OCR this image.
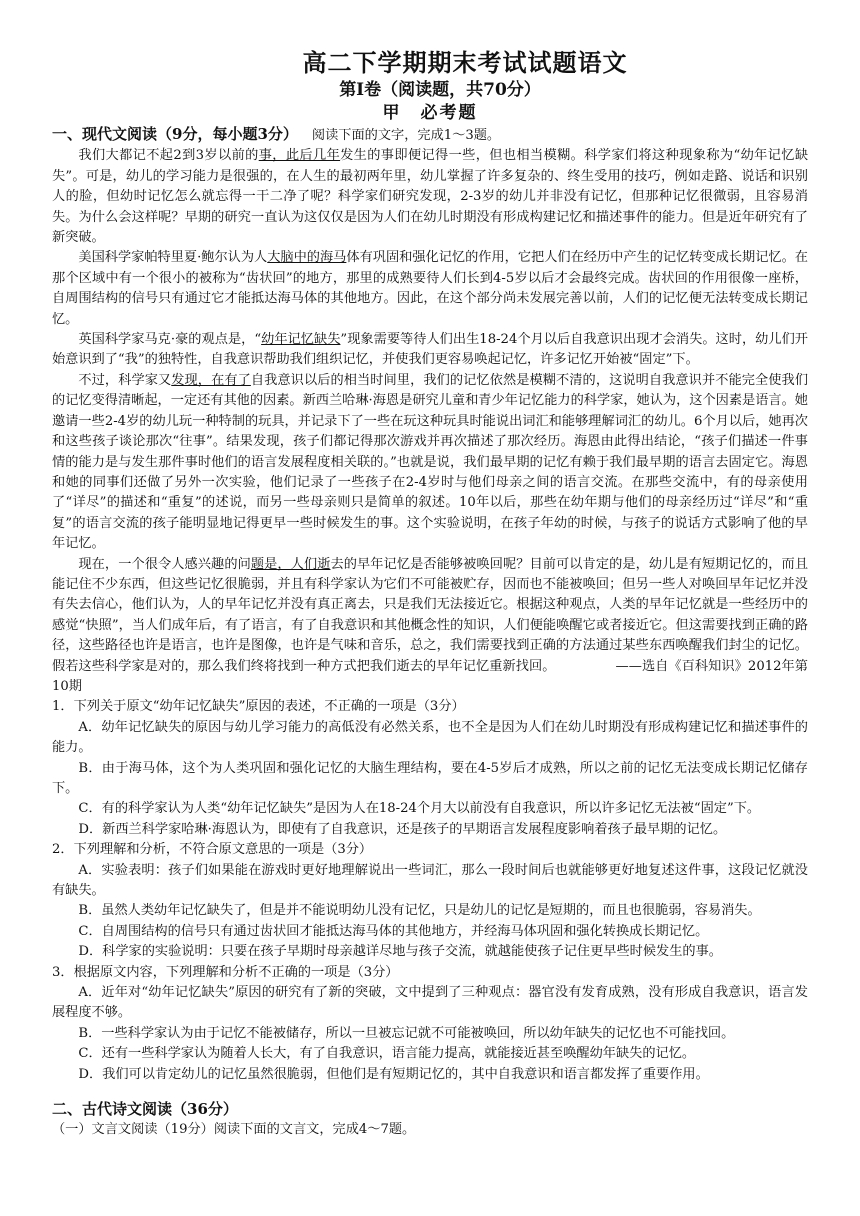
高二下学期期末考试试题语文
第Ⅰ卷（阅读题，共70分）
甲　必考题
一、现代文阅读（9分，每小题3分） 阅读下面的文字，完成1～3题。

我们大都记不起2到3岁以前的事，此后几年发生的事即便记得一些，但也相当模糊。科学家们将这种现象称为“幼年记忆缺失”。可是，幼儿的学习能力是很强的，在人生的最初两年里，幼儿掌握了许多复杂的、终生受用的技巧，例如走路、说话和识别人的脸，但幼时记忆怎么就忘得一干二净了呢？科学家们研究发现，2-3岁的幼儿并非没有记忆，但那种记忆很微弱，且容易消失。为什么会这样呢？早期的研究一直认为这仅仅是因为人们在幼儿时期没有形成构建记忆和描述事件的能力。但是近年研究有了新突破。

美国科学家帕特里夏·鲍尔认为人大脑中的海马体有巩固和强化记忆的作用，它把人们在经历中产生的记忆转变成长期记忆。在那个区域中有一个很小的被称为“齿状回”的地方，那里的成熟要待人们长到4-5岁以后才会最终完成。齿状回的作用很像一座桥，自周围结构的信号只有通过它才能抵达海马体的其他地方。因此，在这个部分尚未发展完善以前，人们的记忆便无法转变成长期记忆。

英国科学家马克·豪的观点是，“幼年记忆缺失”现象需要等待人们出生18-24个月以后自我意识出现才会消失。这时，幼儿们开始意识到了“我”的独特性，自我意识帮助我们组织记忆，并使我们更容易唤起记忆，许多记忆开始被“固定”下。

不过，科学家又发现，在有了自我意识以后的相当时间里，我们的记忆依然是模糊不清的，这说明自我意识并不能完全使我们的记忆变得清晰起，一定还有其他的因素。新西兰哈琳·海恩是研究儿童和青少年记忆能力的科学家，她认为，这个因素是语言。她邀请一些2-4岁的幼儿玩一种特制的玩具，并记录下了一些在玩这种玩具时能说出词汇和能够理解词汇的幼儿。6个月以后，她再次和这些孩子谈论那次“往事”。结果发现，孩子们都记得那次游戏并再次描述了那次经历。海恩由此得出结论，“孩子们描述一件事情的能力是与发生那件事时他们的语言发展程度相关联的。”也就是说，我们最早期的记忆有赖于我们最早期的语言去固定它。海恩和她的同事们还做了另外一次实验，他们记录了一些孩子在2-4岁时与他们母亲之间的语言交流。在那些交流中，有的母亲使用了“详尽”的描述和“重复”的述说，而另一些母亲则只是简单的叙述。10年以后，那些在幼年期与他们的母亲经历过“详尽”和“重复”的语言交流的孩子能明显地记得更早一些时候发生的事。这个实验说明，在孩子年幼的时候，与孩子的说话方式影响了他的早年记忆。

现在，一个很令人感兴趣的问题是，人们逝去的早年记忆是否能够被唤回呢？目前可以肯定的是，幼儿是有短期记忆的，而且能记住不少东西，但这些记忆很脆弱，并且有科学家认为它们不可能被贮存，因而也不能被唤回；但另一些人对唤回早年记忆并没有失去信心，他们认为，人的早年记忆并没有真正离去，只是我们无法接近它。根据这种观点，人类的早年记忆就是一些经历中的感觉“快照”，当人们成年后，有了语言，有了自我意识和其他概念性的知识，人们便能唤醒它或者接近它。但这需要找到正确的路径，这些路径也许是语言，也许是图像，也许是气味和音乐，总之，我们需要找到正确的方法通过某些东西唤醒我们封尘的记忆。假若这些科学家是对的，那么我们终将找到一种方式把我们逝去的早年记忆重新找回。	——选自《百科知识》2012年第10期

1．下列关于原文“幼年记忆缺失”原因的表述，不正确的一项是（3分）

A．幼年记忆缺失的原因与幼儿学习能力的高低没有必然关系，也不全是因为人们在幼儿时期没有形成构建记忆和描述事件的能力。

B．由于海马体，这个为人类巩固和强化记忆的大脑生理结构，要在4-5岁后才成熟，所以之前的记忆无法变成长期记忆储存下。

C．有的科学家认为人类“幼年记忆缺失”是因为人在18-24个月大以前没有自我意识，所以许多记忆无法被“固定”下。

D．新西兰科学家哈琳·海恩认为，即使有了自我意识，还是孩子的早期语言发展程度影响着孩子最早期的记忆。

2．下列理解和分析，不符合原文意思的一项是（3分）

A．实验表明：孩子们如果能在游戏时更好地理解说出一些词汇，那么一段时间后也就能够更好地复述这件事，这段记忆就没有缺失。

B．虽然人类幼年记忆缺失了，但是并不能说明幼儿没有记忆，只是幼儿的记忆是短期的，而且也很脆弱，容易消失。

C．自周围结构的信号只有通过齿状回才能抵达海马体的其他地方，并经海马体巩固和强化转换成长期记忆。

D．科学家的实验说明：只要在孩子早期时母亲越详尽地与孩子交流，就越能使孩子记住更早些时候发生的事。

3．根据原文内容，下列理解和分析不正确的一项是（3分）

A．近年对“幼年记忆缺失”原因的研究有了新的突破，文中提到了三种观点：器官没有发育成熟，没有形成自我意识，语言发展程度不够。

B．一些科学家认为由于记忆不能被储存，所以一旦被忘记就不可能被唤回，所以幼年缺失的记忆也不可能找回。

C．还有一些科学家认为随着人长大，有了自我意识，语言能力提高，就能接近甚至唤醒幼年缺失的记忆。

D．我们可以肯定幼儿的记忆虽然很脆弱，但他们是有短期记忆的，其中自我意识和语言都发挥了重要作用。

二、古代诗文阅读（36分）

（一）文言文阅读（19分）阅读下面的文言文，完成4～7题。
